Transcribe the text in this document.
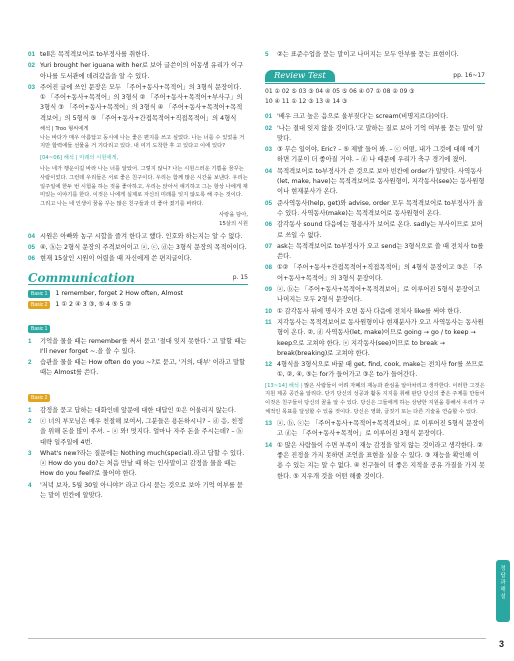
01 tell은 목적격보어로 to부정사를 취한다.
02 Yuri brought her iguana with her로 보아 글쓴이의 어동생 유리가 이구아나를 도서관에 데려갔음을 알 수 있다.
03 주어진 글에 쓰인 문장은 모두 「주어+동사+목적어」의 3형식 문장이다. ① 「주어+동사+목적어」의 3형식 ② 「주어+동사+목적어+부사구」의 3형식 ③ 「주어+동사+목적어」의 3형식 ④ 「주어+동사+목적어+목적격보어」의 5형식 ⑤ 「주어+동사+간접목적어+직접목적어」의 4형식
해석 | Troo 형씨에게
나는 바다가 매우 아름답고 동시에 나는 좋은 편지를 쓰고 싶었다. 나는 너를 수 있었을 거지만 합력에들 선물을 거 기다리고 있다. 내 여기 도착한 후 고 있다고 이에 있다?
[04~06] 해석 | 미래의 시원에게,
나는 네가 행운이길 바라 나는 너를 알았어. 그렇지 않니? 나는 시원스러운 기쁨을 꿈꾸는 사람이었다. 그런데 우리들은 서로 좋은 친구이다. 우리는 함께 많은 시간을 보낸다. 우리는 일주일에 한두 번 시험을 하는 것을 좋아하고, 우리는 앉아서 얘기하고 그는 항상 나에게 재미있는 이야기를 한다. 이것은 나에게 실제로 자신의 미래를 잊지 않도록 해 주는 것이다. 그리고 나는 네 인생이 꿈을 꾸는 많은 친구들과 더 좋아 졌기를 바라다.
사랑을 담아,
15살의 시원
04 시원은 아빠와 농구 시합을 즐겨 한다고 했다. 인호와 하는지는 알 수 없다.
05 ④, ⓑ는 2형식 문장의 주격보어이고 ⓐ, ⓒ, ⓓ는 3형식 문장의 목적어이다.
06 현재 15살인 시원이 어렸을 때 자신에게 쓴 편지글이다.
Communication	p. 15
Basic 1	1 remember, forget 2 How often, Almost
Basic 2	1 ① 2 ④ 3 ③, ⑤ 4 ⑤ 5 ②
Basic 1
1	기억을 물을 때는 remember를 써서 묻고 '절대 잊지 못한다.' 고 말할 때는 I'll never forget ~.을 쓸 수 있다.
2	습관을 물을 때는 How often do you ~?로 묻고, '거의, 대부' 이라고 말할 때는 Almost를 쓴다.
Basic 2
1	감정을 묻고 답하는 대화인데 앞문에 대한 대답인 ①은 어울리지 않는다.
2	ⓒ 너의 부모님은 매우 친절해 보여서, 그분들은 용돈하시니? – ⓓ 응, 친정을 위해 돈을 많이 주셔. – ⓐ 와! 멋지다. 얼마나 자주 돈을 주시는데? – ⓑ 대략 일주일에 4번.
3	What's new?라는 질문에는 Nothing much(special).라고 답할 수 있다. ⓐ How do you do?는 처음 만날 때 하는 인사말이고 감정을 물을 때는 How do you feel?로 물어야 한다.
4	'저녁 보자, 5월 30일 아니야?' 라고 다시 묻는 것으로 보아 기억 여부를 묻는 말이 빈칸에 알맞다.
5	②는 표준수업을 묻는 말이고 나머지는 모두 안부를 묻는 표현이다.
Review Test	pp. 16~17
01 ① 02 ⑤ 03 ③ 04 ④ 05 ⑤ 06 ④ 07 ① 08 ② 09 ③
10 ④ 11 ① 12 ③ 13 ④ 14 ③
01 '배우 크고 높은 음으로 울부짖다'는 scream(비명지르다)이다.
02 '나는 절대 잊지 않을 것이다.'고 말하는 질로 보아 기억 여부를 묻는 말이 알맞다.
03 ③ 무슨 일이야, Eric? – ⑤ 제발 들어 봐. – ⓒ 어떤, 내가 그것에 대해 얘기하면 기분이 더 좋아질 거야. – ⓓ 나 때문에 우리가 축구 경기에 졌어.
04 목적격보어로 to부정사가 쓴 것으로 보아 빈칸에 order가 알맞다. 사역동사(let, make, have)는 목적격보어로 동사원형이, 지각동사(see)는 동사원형이나 현재분사가 온다.
05 준사역동사(help, get)와 advise, order 모두 목적격보어로 to부정사가 올 수 있다. 사역동사(make)는 목적격보어로 동사원형이 온다.
06 감각동사 sound 다음에는 형용사가 보어로 온다. sadly는 부사이므로 보어로 쓰일 수 없다.
07 ask는 목적격보어로 to부정사가 오고 send는 3형식으로 쓸 때 전치사 to를 쓴다.
08 ①② 「주어+동사+간접목적어+직접목적어」의 4형식 문장이고 ③은 「주어+동사+목적어」의 3형식 문장이다.
09 ⓐ, ⓑ는 「주어+동사+목적어+목적격보어」로 이루어진 5형식 문장이고 나머지는 모두 2형식 문장이다.
10 ① 감각동사 뒤에 명사가 오면 동사 다음에 전치사 like를 써야 한다.
11 지각동사는 목적격보어로 동사원형이나 현재분사가 오고 사역동사는 동사원형이 온다. ②, ⓓ 사역동사(let, make)이므로 going → go / to keep → keep으로 고쳐야 한다. ⓔ 지각동사(see)이므로 to break → break(breaking)로 고쳐야 한다.
12 4형식을 3형식으로 바꿀 때 get, find, cook, make는 전치사 for를 쓰므로 ①, ②, ④, ⑤는 for가 들어가고 ③은 to가 들어간다.
[13~14] 해석 | 많은 사람들이 어려 자폐의 재능과 관심을 알아차리고 생각한다. 이러한 그것은 지원 제공 공간을 알리다. 단기 당신의 성공과 활동 지지를 취해 판단 당신의 좋은 주제를 만들어 이것은 친구들이 당신의 꿈을 알 수 있다. 당신은 그들에게 하는 상냥한 지원을 통해서 우리가 구체적인 목표를 달성할 수 있을 것이다. 당신은 영화, 글짓기 또는 다른 기술을 연습할 수 있다.
13 ⓐ, ⓑ, ⓒ는 「주어+동사+목적어+목적격보어」로 이루어진 5형식 문장이고 ⓓ는 「주어+동사+목적어」로 이루어진 3형식 문장이다.
14 ① 많은 사람들이 수면 부족이 재능 감정을 알지 않는 것이라고 생각한다. ② 좋은 진정을 가지 못하면 조언을 표현을 실을 수 있다. ③ 재능을 확인해 이용 수 있는 지는 알 수 없다. ④ 친구들이 더 좋은 지적을 공유 가질을 가지 못한다. ⑤ 지우개 것을 어떤 해줄 것이다.
정답과 해설
3
